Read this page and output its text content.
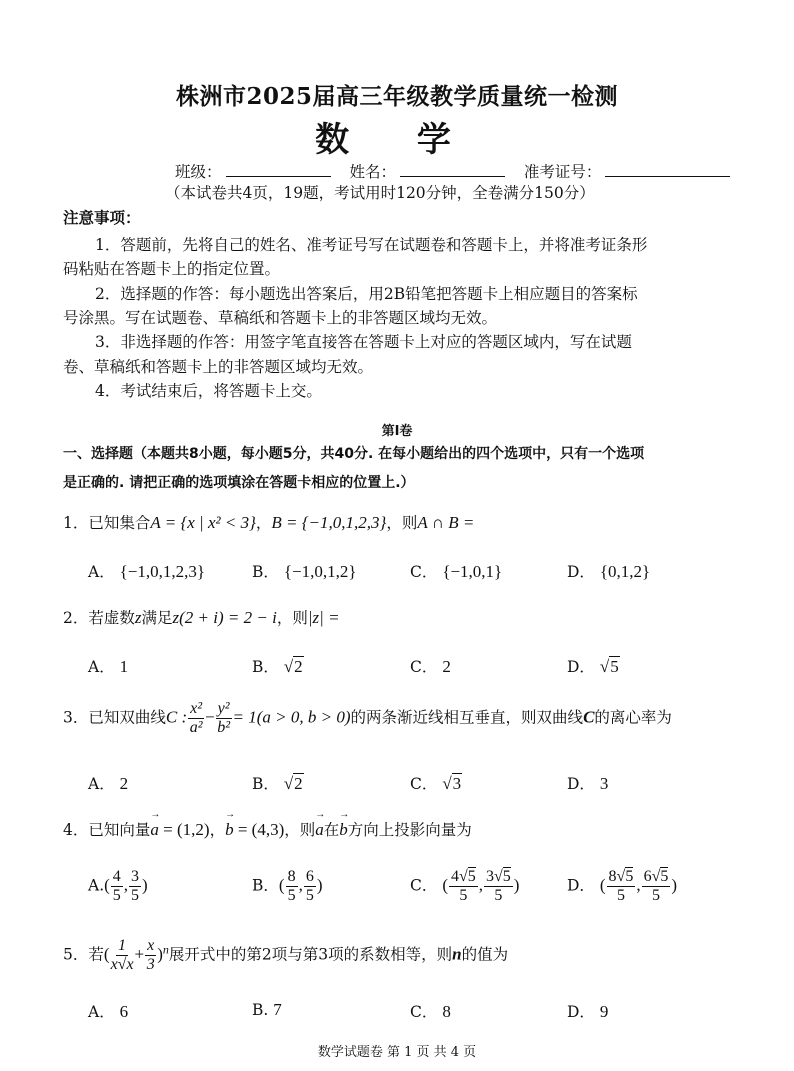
株洲市2025届高三年级教学质量统一检测
数 学
班级：	姓名：	准考证号：
（本试卷共4页，19题，考试用时120分钟，全卷满分150分）
注意事项：
1．答题前，先将自己的姓名、准考证号写在试题卷和答题卡上，并将准考证条形
码粘贴在答题卡上的指定位置。
2．选择题的作答：每小题选出答案后，用2B铅笔把答题卡上相应题目的答案标
号涂黑。写在试题卷、草稿纸和答题卡上的非答题区域均无效。
3．非选择题的作答：用签字笔直接答在答题卡上对应的答题区域内，写在试题
卷、草稿纸和答题卡上的非答题区域均无效。
4．考试结束后，将答题卡上交。
第Ⅰ卷
一、选择题（本题共8小题，每小题5分，共40分. 在每小题给出的四个选项中，只有一个选项
是正确的. 请把正确的选项填涂在答题卡相应的位置上.）
1．已知集合A = {x | x² < 3}，B = {−1,0,1,2,3}，则A ∩ B =
A． {−1,0,1,2,3}	B． {−1,0,1,2}	C． {−1,0,1}	D． {0,1,2}
2．若虚数z满足z(2 + i) = 2 − i，则|z| =
A． 1	B． √2	C． 2	D． √5
3．已知双曲线C : $\frac{\text{x²}}{\text{a²}} - \frac{\text{y²}}{\text{b²}} = 1(a > 0$, b > 0)的两条渐近线相互垂直，则双曲线C的离心率为
A． 2	B． √2	C． √3	D． 3
4．已知向量→ a = (1,2)，→ b = (4,3)，则→ a在→ b方向上投影向量为
$A.( \frac{4}{5}$ , $\frac{3}{5}$ )	B．( $\frac{8}{5}$ , $\frac{6}{5}$ )	C． ( $\frac{4√5}{5}$ , $\frac{3√5}{5}$ )	D． ( $\frac{8√5}{5}$ , $\frac{6√5}{5}$ )
5．若( $\frac{1}{x√x} + \frac{x}{3} )^n$展开式中的第2项与第3项的系数相等，则n的值为
A． 6	B. 7	C． 8	D． 9
数学试题卷 第 1 页 共 4 页
